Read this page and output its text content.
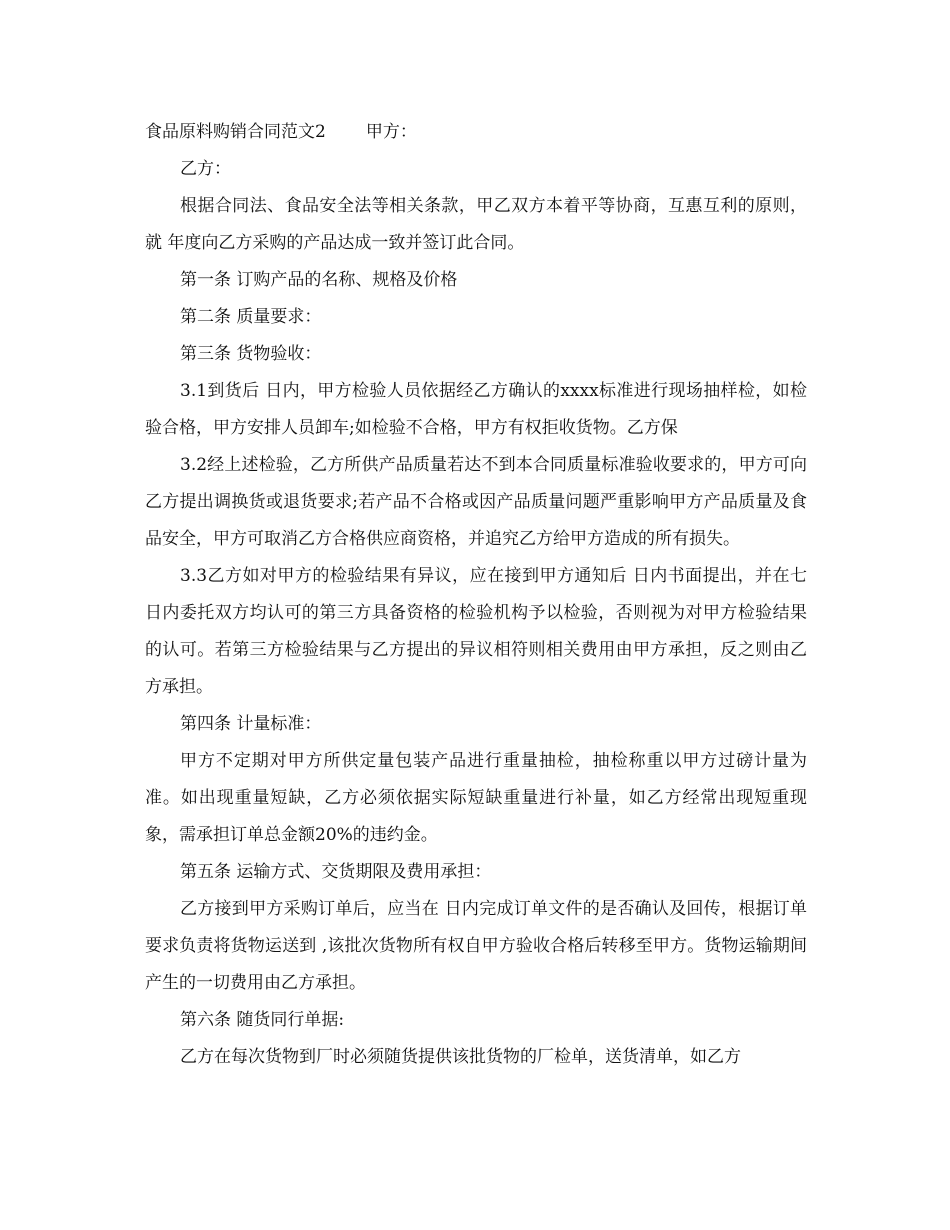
食品原料购销合同范文2 甲方：

乙方：

根据合同法、食品安全法等相关条款，甲乙双方本着平等协商，互惠互利的原则，就 年度向乙方采购的产品达成一致并签订此合同。

第一条 订购产品的名称、规格及价格

第二条 质量要求：

第三条 货物验收：

3.1到货后 日内，甲方检验人员依据经乙方确认的xxxx标准进行现场抽样检，如检验合格，甲方安排人员卸车;如检验不合格，甲方有权拒收货物。乙方保

3.2经上述检验，乙方所供产品质量若达不到本合同质量标准验收要求的，甲方可向乙方提出调换货或退货要求;若产品不合格或因产品质量问题严重影响甲方产品质量及食品安全，甲方可取消乙方合格供应商资格，并追究乙方给甲方造成的所有损失。

3.3乙方如对甲方的检验结果有异议，应在接到甲方通知后 日内书面提出，并在七日内委托双方均认可的第三方具备资格的检验机构予以检验，否则视为对甲方检验结果的认可。若第三方检验结果与乙方提出的异议相符则相关费用由甲方承担，反之则由乙方承担。

第四条 计量标准：

甲方不定期对甲方所供定量包装产品进行重量抽检，抽检称重以甲方过磅计量为准。如出现重量短缺，乙方必须依据实际短缺重量进行补量，如乙方经常出现短重现象，需承担订单总金额20%的违约金。

第五条 运输方式、交货期限及费用承担：

乙方接到甲方采购订单后，应当在 日内完成订单文件的是否确认及回传，根据订单要求负责将货物运送到 ,该批次货物所有权自甲方验收合格后转移至甲方。货物运输期间产生的一切费用由乙方承担。

第六条 随货同行单据:

乙方在每次货物到厂时必须随货提供该批货物的厂检单，送货清单，如乙方
